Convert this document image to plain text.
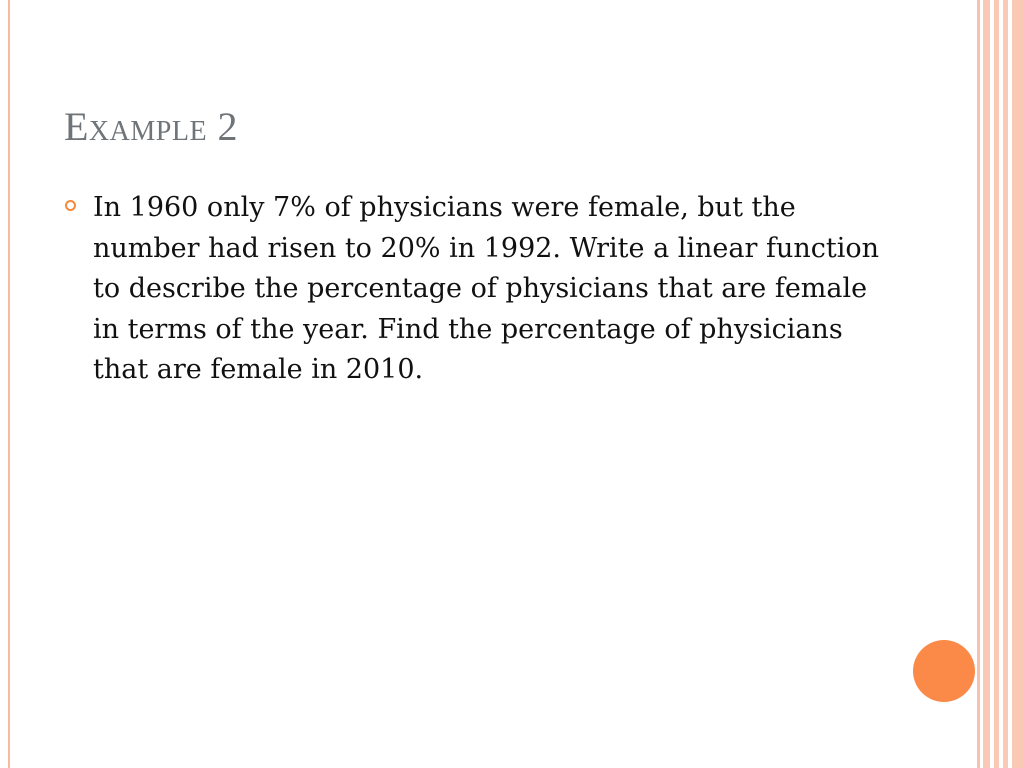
Example 2
In 1960 only 7% of physicians were female, but the number had risen to 20% in 1992. Write a linear function to describe the percentage of physicians that are female in terms of the year. Find the percentage of physicians that are female in 2010.
